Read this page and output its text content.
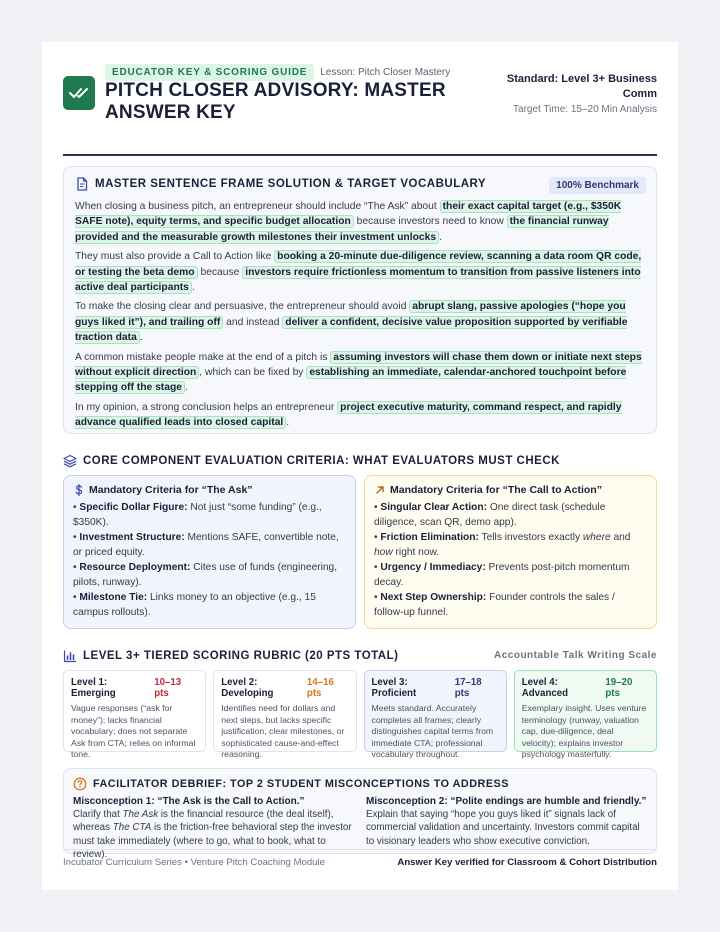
EDUCATOR KEY & SCORING GUIDE	Lesson: Pitch Closer Mastery
PITCH CLOSER ADVISORY: MASTER ANSWER KEY
Standard: Level 3+ Business Comm
Target Time: 15–20 Min Analysis
MASTER SENTENCE FRAME SOLUTION & TARGET VOCABULARY	100% Benchmark

When closing a business pitch, an entrepreneur should include “The Ask” about their exact capital target (e.g., $350K SAFE note), equity terms, and specific budget allocation because investors need to know the financial runway provided and the measurable growth milestones their investment unlocks .

They must also provide a Call to Action like booking a 20-minute due-diligence review, scanning a data room QR code, or testing the beta demo because investors require frictionless momentum to transition from passive listeners into active deal participants .

To make the closing clear and persuasive, the entrepreneur should avoid abrupt slang, passive apologies (“hope you guys liked it”), and trailing off and instead deliver a confident, decisive value proposition supported by verifiable traction data .

A common mistake people make at the end of a pitch is assuming investors will chase them down or initiate next steps without explicit direction , which can be fixed by establishing an immediate, calendar-anchored touchpoint before stepping off the stage .

In my opinion, a strong conclusion helps an entrepreneur project executive maturity, command respect, and rapidly advance qualified leads into closed capital .

CORE COMPONENT EVALUATION CRITERIA: WHAT EVALUATORS MUST CHECK
Mandatory Criteria for “The Ask”
• Specific Dollar Figure: Not just “some funding” (e.g., $350K).
• Investment Structure: Mentions SAFE, convertible note, or priced equity.
• Resource Deployment: Cites use of funds (engineering, pilots, runway).
• Milestone Tie: Links money to an objective (e.g., 15 campus rollouts).
Mandatory Criteria for “The Call to Action”
• Singular Clear Action: One direct task (schedule diligence, scan QR, demo app).
• Friction Elimination: Tells investors exactly where and how right now.
• Urgency / Immediacy: Prevents post-pitch momentum decay.
• Next Step Ownership: Founder controls the sales / follow-up funnel.
LEVEL 3+ TIERED SCORING RUBRIC (20 PTS TOTAL)	Accountable Talk Writing Scale
Level 1: Emerging
10–13 pts
Vague responses (“ask for money”); lacks financial vocabulary; does not separate Ask from CTA; relies on informal tone.
Level 2: Developing
14–16 pts
Identifies need for dollars and next steps, but lacks specific justification, clear milestones, or sophisticated cause-and-effect reasoning.
Level 3: Proficient
17–18 pts
Meets standard. Accurately completes all frames; clearly distinguishes capital terms from immediate CTA; professional vocabulary throughout.
Level 4: Advanced
19–20 pts
Exemplary insight. Uses venture terminology (runway, valuation cap, due-diligence, deal velocity); explains investor psychology masterfully.
FACILITATOR DEBRIEF: TOP 2 STUDENT MISCONCEPTIONS TO ADDRESS
Misconception 1: “The Ask is the Call to Action.”
Clarify that The Ask is the financial resource (the deal itself), whereas The CTA is the friction-free behavioral step the investor must take immediately (where to go, what to book, what to review).
Misconception 2: “Polite endings are humble and friendly.”
Explain that saying “hope you guys liked it” signals lack of commercial validation and uncertainty. Investors commit capital to visionary leaders who show executive conviction.
Incubator Curriculum Series • Venture Pitch Coaching Module	Answer Key verified for Classroom & Cohort Distribution
